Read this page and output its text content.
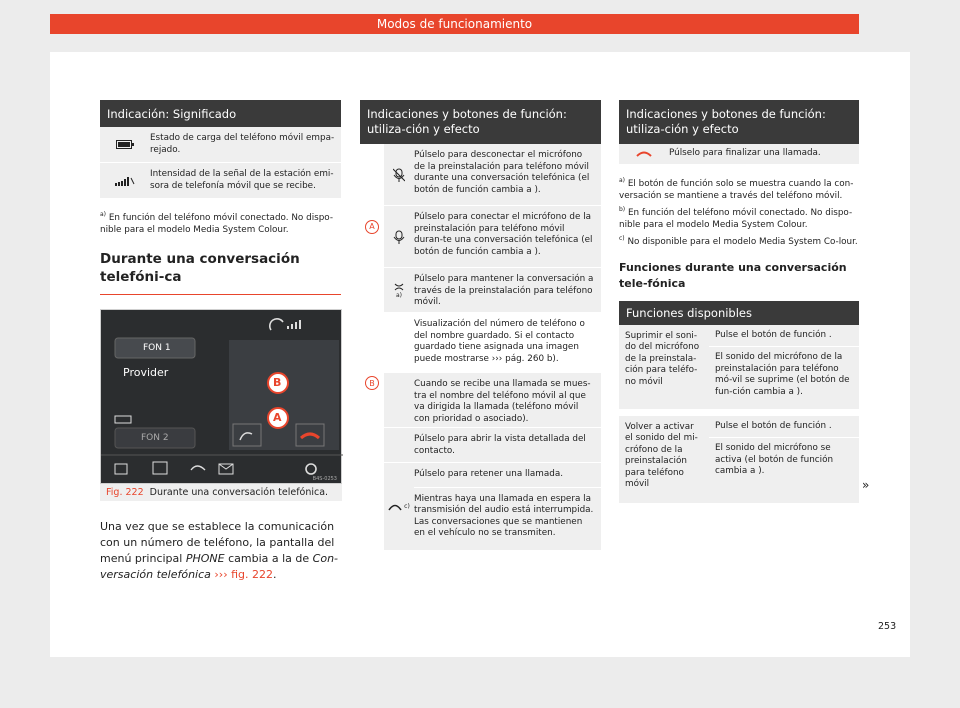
Modos de funcionamiento
Indicación: Significado
Estado de carga del teléfono móvil empa-rejado.
Intensidad de la señal de la estación emi-sora de telefonía móvil que se recibe.

$^{a)}$ En función del teléfono móvil conectado. No dispo-nible para el modelo Media System Colour.

Durante una conversación telefóni-ca
FON 1
Provider
FON 2
B
A
B4S-0253
Fig. 222 Durante una conversación telefónica.

Una vez que se establece la comunicación con un número de teléfono, la pantalla del menú principal PHONE cambia a la de Con-versación telefónica ››› fig. 222.

Indicaciones y botones de función: utiliza-ción y efecto
A
B
Púlselo para desconectar el micrófono de la preinstalación para teléfono móvil durante una conversación telefónica (el botón de función cambia a ).
Púlselo para conectar el micrófono de la preinstalación para teléfono móvil duran-te una conversación telefónica (el botón de función cambia a ).
a)
Púlselo para mantener la conversación a través de la preinstalación para teléfono móvil.
Visualización del número de teléfono o del nombre guardado. Si el contacto guardado tiene asignada una imagen puede mostrarse ››› pág. 260 b).
Cuando se recibe una llamada se mues-tra el nombre del teléfono móvil al que va dirigida la llamada (teléfono móvil con prioridad o asociado).
Púlselo para abrir la vista detallada del contacto.
c)
Púlselo para retener una llamada.
Mientras haya una llamada en espera la transmisión del audio está interrumpida. Las conversaciones que se mantienen en el vehículo no se transmiten.
Indicaciones y botones de función: utiliza-ción y efecto
Púlselo para finalizar una llamada.

$^{a)}$ El botón de función solo se muestra cuando la con-versación se mantiene a través del teléfono móvil.

$^{b)}$ En función del teléfono móvil conectado. No dispo-nible para el modelo Media System Colour.

$^{c)}$ No disponible para el modelo Media System Co-lour.

Funciones durante una conversación tele-fónica
Funciones disponibles
Suprimir el soni-do del micrófono de la preinstala-ción para teléfo-no móvil
Pulse el botón de función .
El sonido del micrófono de la preinstalación para teléfono mó-vil se suprime (el botón de fun-ción cambia a ).
Volver a activar el sonido del mi-crófono de la preinstalación para teléfono móvil
Pulse el botón de función .
El sonido del micrófono se activa (el botón de función cambia a ).
»
253
